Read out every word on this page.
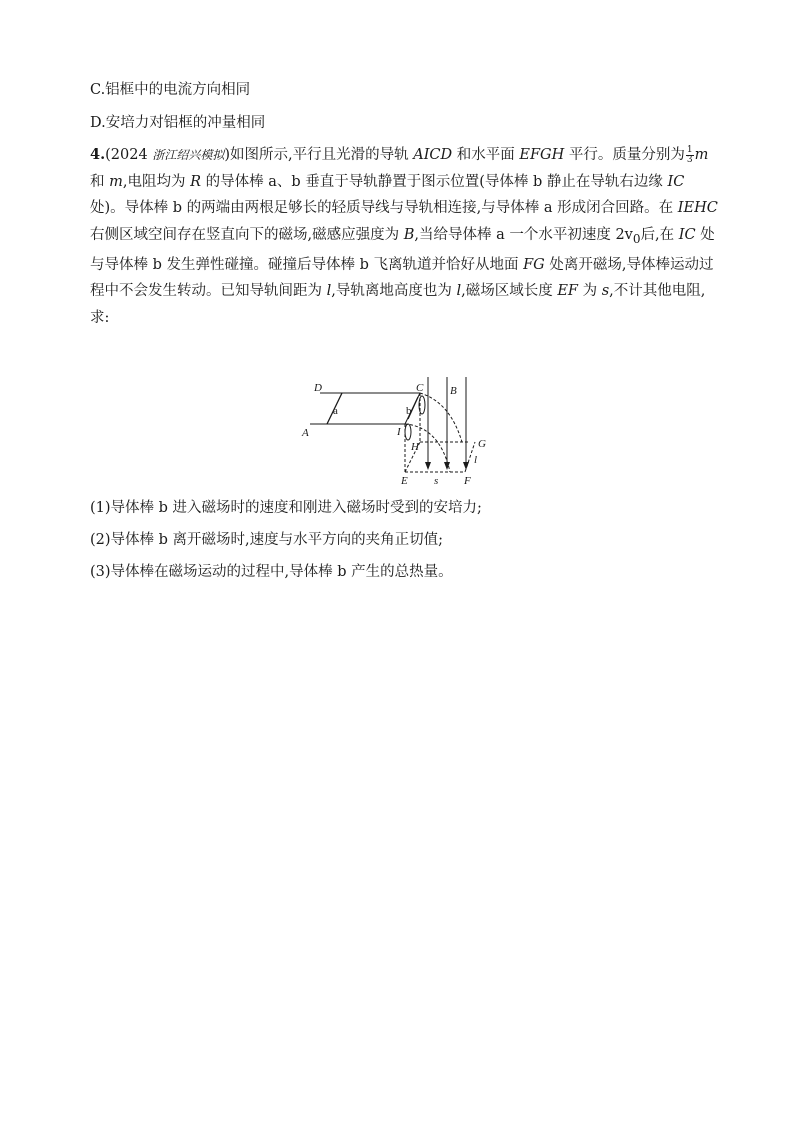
C.铝框中的电流方向相同
D.安培力对铝框的冲量相同
4.(2024 浙江绍兴模拟)如图所示,平行且光滑的导轨 AICD 和水平面 EFGH 平行。质量分别为 $\frac{1}{3}$ m 和 m,电阻均为 R 的导体棒 a、b 垂直于导轨静置于图示位置(导体棒 b 静止在导轨右边缘 IC 处)。导体棒 b 的两端由两根足够长的轻质导线与导轨相连接,与导体棒 a 形成闭合回路。在 IEHC 右侧区域空间存在竖直向下的磁场,磁感应强度为 B,当给导体棒 a 一个水平初速度 $2v_0$后,在 IC 处与导体棒 b 发生弹性碰撞。碰撞后导体棒 b 飞离轨道并恰好从地面 FG 处离开磁场,导体棒运动过程中不会发生转动。已知导轨间距为 l,导轨离地高度也为 l,磁场区域长度 EF 为 s,不计其他电阻,求:
D
A
a
C
b
B
I
H	G
l
E s F
(1)导体棒 b 进入磁场时的速度和刚进入磁场时受到的安培力;
(2)导体棒 b 离开磁场时,速度与水平方向的夹角正切值;
(3)导体棒在磁场运动的过程中,导体棒 b 产生的总热量。
